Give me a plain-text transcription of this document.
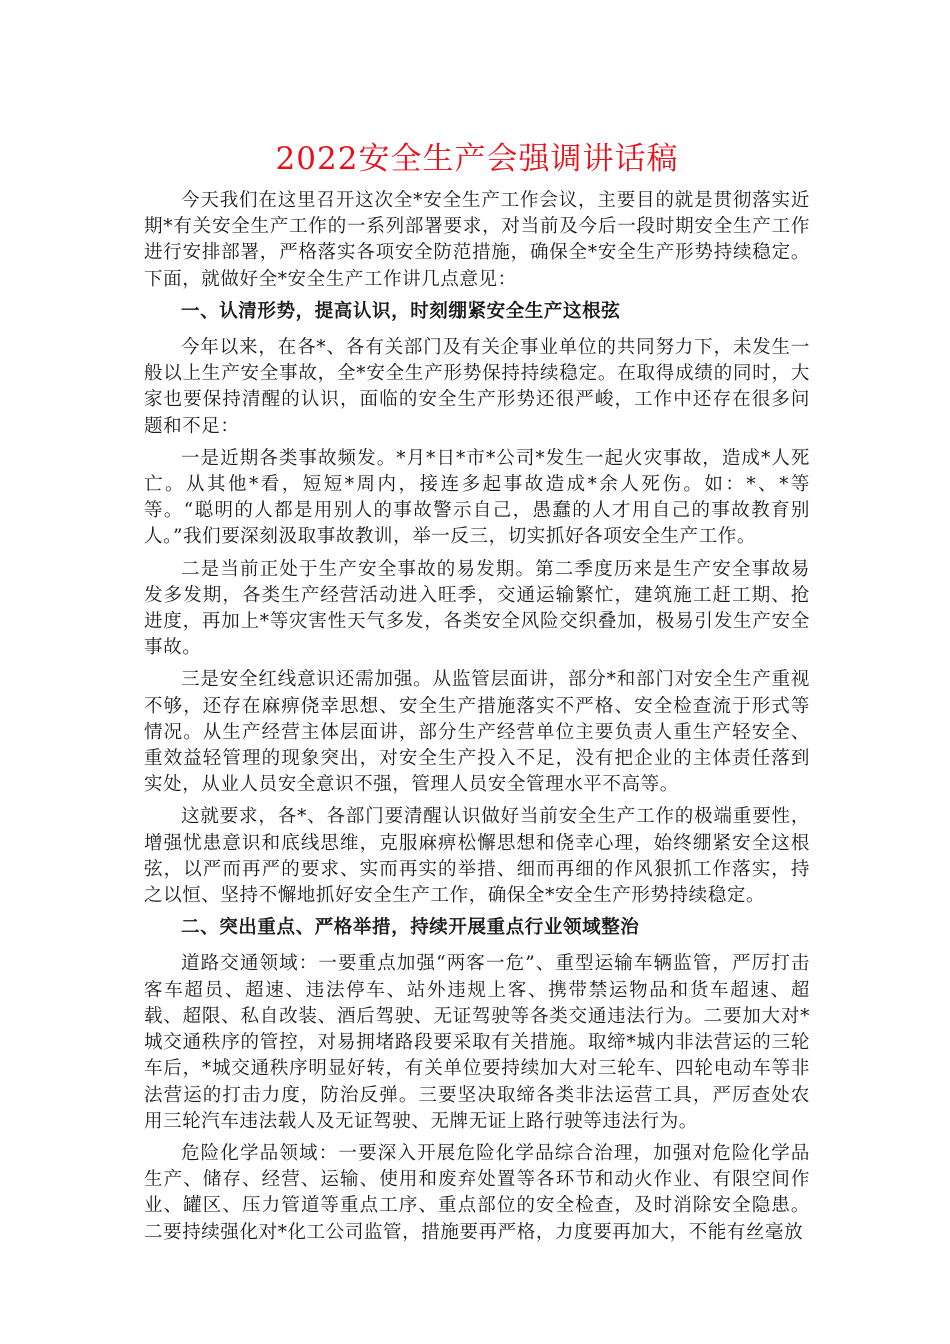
2022安全生产会强调讲话稿

今天我们在这里召开这次全*安全生产工作会议，主要目的就是贯彻落实近期*有关安全生产工作的一系列部署要求，对当前及今后一段时期安全生产工作进行安排部署，严格落实各项安全防范措施，确保全*安全生产形势持续稳定。下面，就做好全*安全生产工作讲几点意见：

一、认清形势，提高认识，时刻绷紧安全生产这根弦

今年以来，在各*、各有关部门及有关企事业单位的共同努力下，未发生一般以上生产安全事故，全*安全生产形势保持持续稳定。在取得成绩的同时，大家也要保持清醒的认识，面临的安全生产形势还很严峻，工作中还存在很多问题和不足：

一是近期各类事故频发。*月*日*市*公司*发生一起火灾事故，造成*人死亡。从其他*看，短短*周内，接连多起事故造成*余人死伤。如：*、*等等。“聪明的人都是用别人的事故警示自己，愚蠢的人才用自己的事故教育别人。”我们要深刻汲取事故教训，举一反三，切实抓好各项安全生产工作。

二是当前正处于生产安全事故的易发期。第二季度历来是生产安全事故易发多发期，各类生产经营活动进入旺季，交通运输繁忙，建筑施工赶工期、抢进度，再加上*等灾害性天气多发，各类安全风险交织叠加，极易引发生产安全事故。

三是安全红线意识还需加强。从监管层面讲，部分*和部门对安全生产重视不够，还存在麻痹侥幸思想、安全生产措施落实不严格、安全检查流于形式等情况。从生产经营主体层面讲，部分生产经营单位主要负责人重生产轻安全、重效益轻管理的现象突出，对安全生产投入不足，没有把企业的主体责任落到实处，从业人员安全意识不强，管理人员安全管理水平不高等。

这就要求，各*、各部门要清醒认识做好当前安全生产工作的极端重要性，增强忧患意识和底线思维，克服麻痹松懈思想和侥幸心理，始终绷紧安全这根弦，以严而再严的要求、实而再实的举措、细而再细的作风狠抓工作落实，持之以恒、坚持不懈地抓好安全生产工作，确保全*安全生产形势持续稳定。

二、突出重点、严格举措，持续开展重点行业领域整治

道路交通领域：一要重点加强“两客一危”、重型运输车辆监管，严厉打击客车超员、超速、违法停车、站外违规上客、携带禁运物品和货车超速、超载、超限、私自改装、酒后驾驶、无证驾驶等各类交通违法行为。二要加大对*城交通秩序的管控，对易拥堵路段要采取有关措施。取缔*城内非法营运的三轮车后，*城交通秩序明显好转，有关单位要持续加大对三轮车、四轮电动车等非法营运的打击力度，防治反弹。三要坚决取缔各类非法运营工具，严厉查处农用三轮汽车违法载人及无证驾驶、无牌无证上路行驶等违法行为。

危险化学品领域：一要深入开展危险化学品综合治理，加强对危险化学品生产、储存、经营、运输、使用和废弃处置等各环节和动火作业、有限空间作业、罐区、压力管道等重点工序、重点部位的安全检查，及时消除安全隐患。二要持续强化对*化工公司监管，措施要再严格，力度要再加大，不能有丝毫放
